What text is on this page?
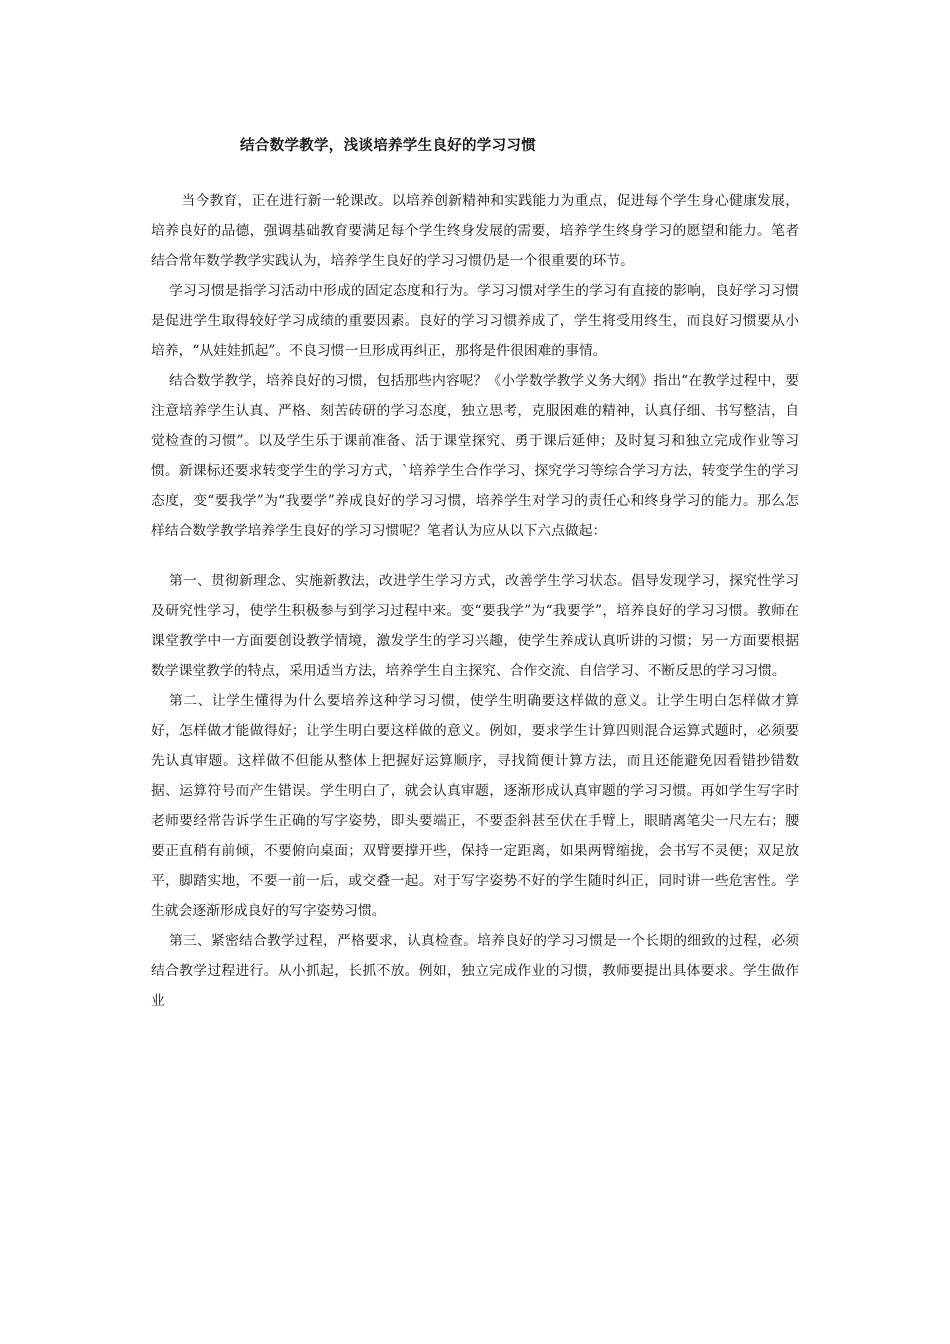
结合数学教学，浅谈培养学生良好的学习习惯

当今教育，正在进行新一轮课改。以培养创新精神和实践能力为重点，促进每个学生身心健康发展，培养良好的品德，强调基础教育要满足每个学生终身发展的需要，培养学生终身学习的愿望和能力。笔者结合常年数学教学实践认为，培养学生良好的学习习惯仍是一个很重要的环节。

学习习惯是指学习活动中形成的固定态度和行为。学习习惯对学生的学习有直接的影响，良好学习习惯是促进学生取得较好学习成绩的重要因素。良好的学习习惯养成了，学生将受用终生，而良好习惯要从小培养，“从娃娃抓起”。不良习惯一旦形成再纠正，那将是件很困难的事情。

结合数学教学，培养良好的习惯，包括那些内容呢？《小学数学教学义务大纲》指出“在教学过程中，要注意培养学生认真、严格、刻苦砖研的学习态度，独立思考，克服困难的精神，认真仔细、书写整洁，自觉检查的习惯”。以及学生乐于课前准备、活于课堂探究、勇于课后延伸；及时复习和独立完成作业等习惯。新课标还要求转变学生的学习方式，`培养学生合作学习、探究学习等综合学习方法，转变学生的学习态度，变“要我学”为“我要学”养成良好的学习习惯，培养学生对学习的责任心和终身学习的能力。那么怎样结合数学教学培养学生良好的学习习惯呢？笔者认为应从以下六点做起：

第一、贯彻新理念、实施新教法，改进学生学习方式，改善学生学习状态。倡导发现学习，探究性学习及研究性学习，使学生积极参与到学习过程中来。变“要我学”为“我要学”，培养良好的学习习惯。教师在课堂教学中一方面要创设教学情境，激发学生的学习兴趣，使学生养成认真听讲的习惯；另一方面要根据数学课堂教学的特点，采用适当方法，培养学生自主探究、合作交流、自信学习、不断反思的学习习惯。

第二、让学生懂得为什么要培养这种学习习惯，使学生明确要这样做的意义。让学生明白怎样做才算好，怎样做才能做得好；让学生明白要这样做的意义。例如，要求学生计算四则混合运算式题时，必须要先认真审题。这样做不但能从整体上把握好运算顺序，寻找简便计算方法，而且还能避免因看错抄错数据、运算符号而产生错误。学生明白了，就会认真审题，逐渐形成认真审题的学习习惯。再如学生写字时老师要经常告诉学生正确的写字姿势，即头要端正，不要歪斜甚至伏在手臂上，眼睛离笔尖一尺左右；腰要正直稍有前倾，不要俯向桌面；双臂要撑开些，保持一定距离，如果两臂缩拢，会书写不灵便；双足放平，脚踏实地，不要一前一后，或交叠一起。对于写字姿势不好的学生随时纠正，同时讲一些危害性。学生就会逐渐形成良好的写字姿势习惯。

第三、紧密结合教学过程，严格要求，认真检查。培养良好的学习习惯是一个长期的细致的过程，必须结合教学过程进行。从小抓起，长抓不放。例如，独立完成作业的习惯，教师要提出具体要求。学生做作业
